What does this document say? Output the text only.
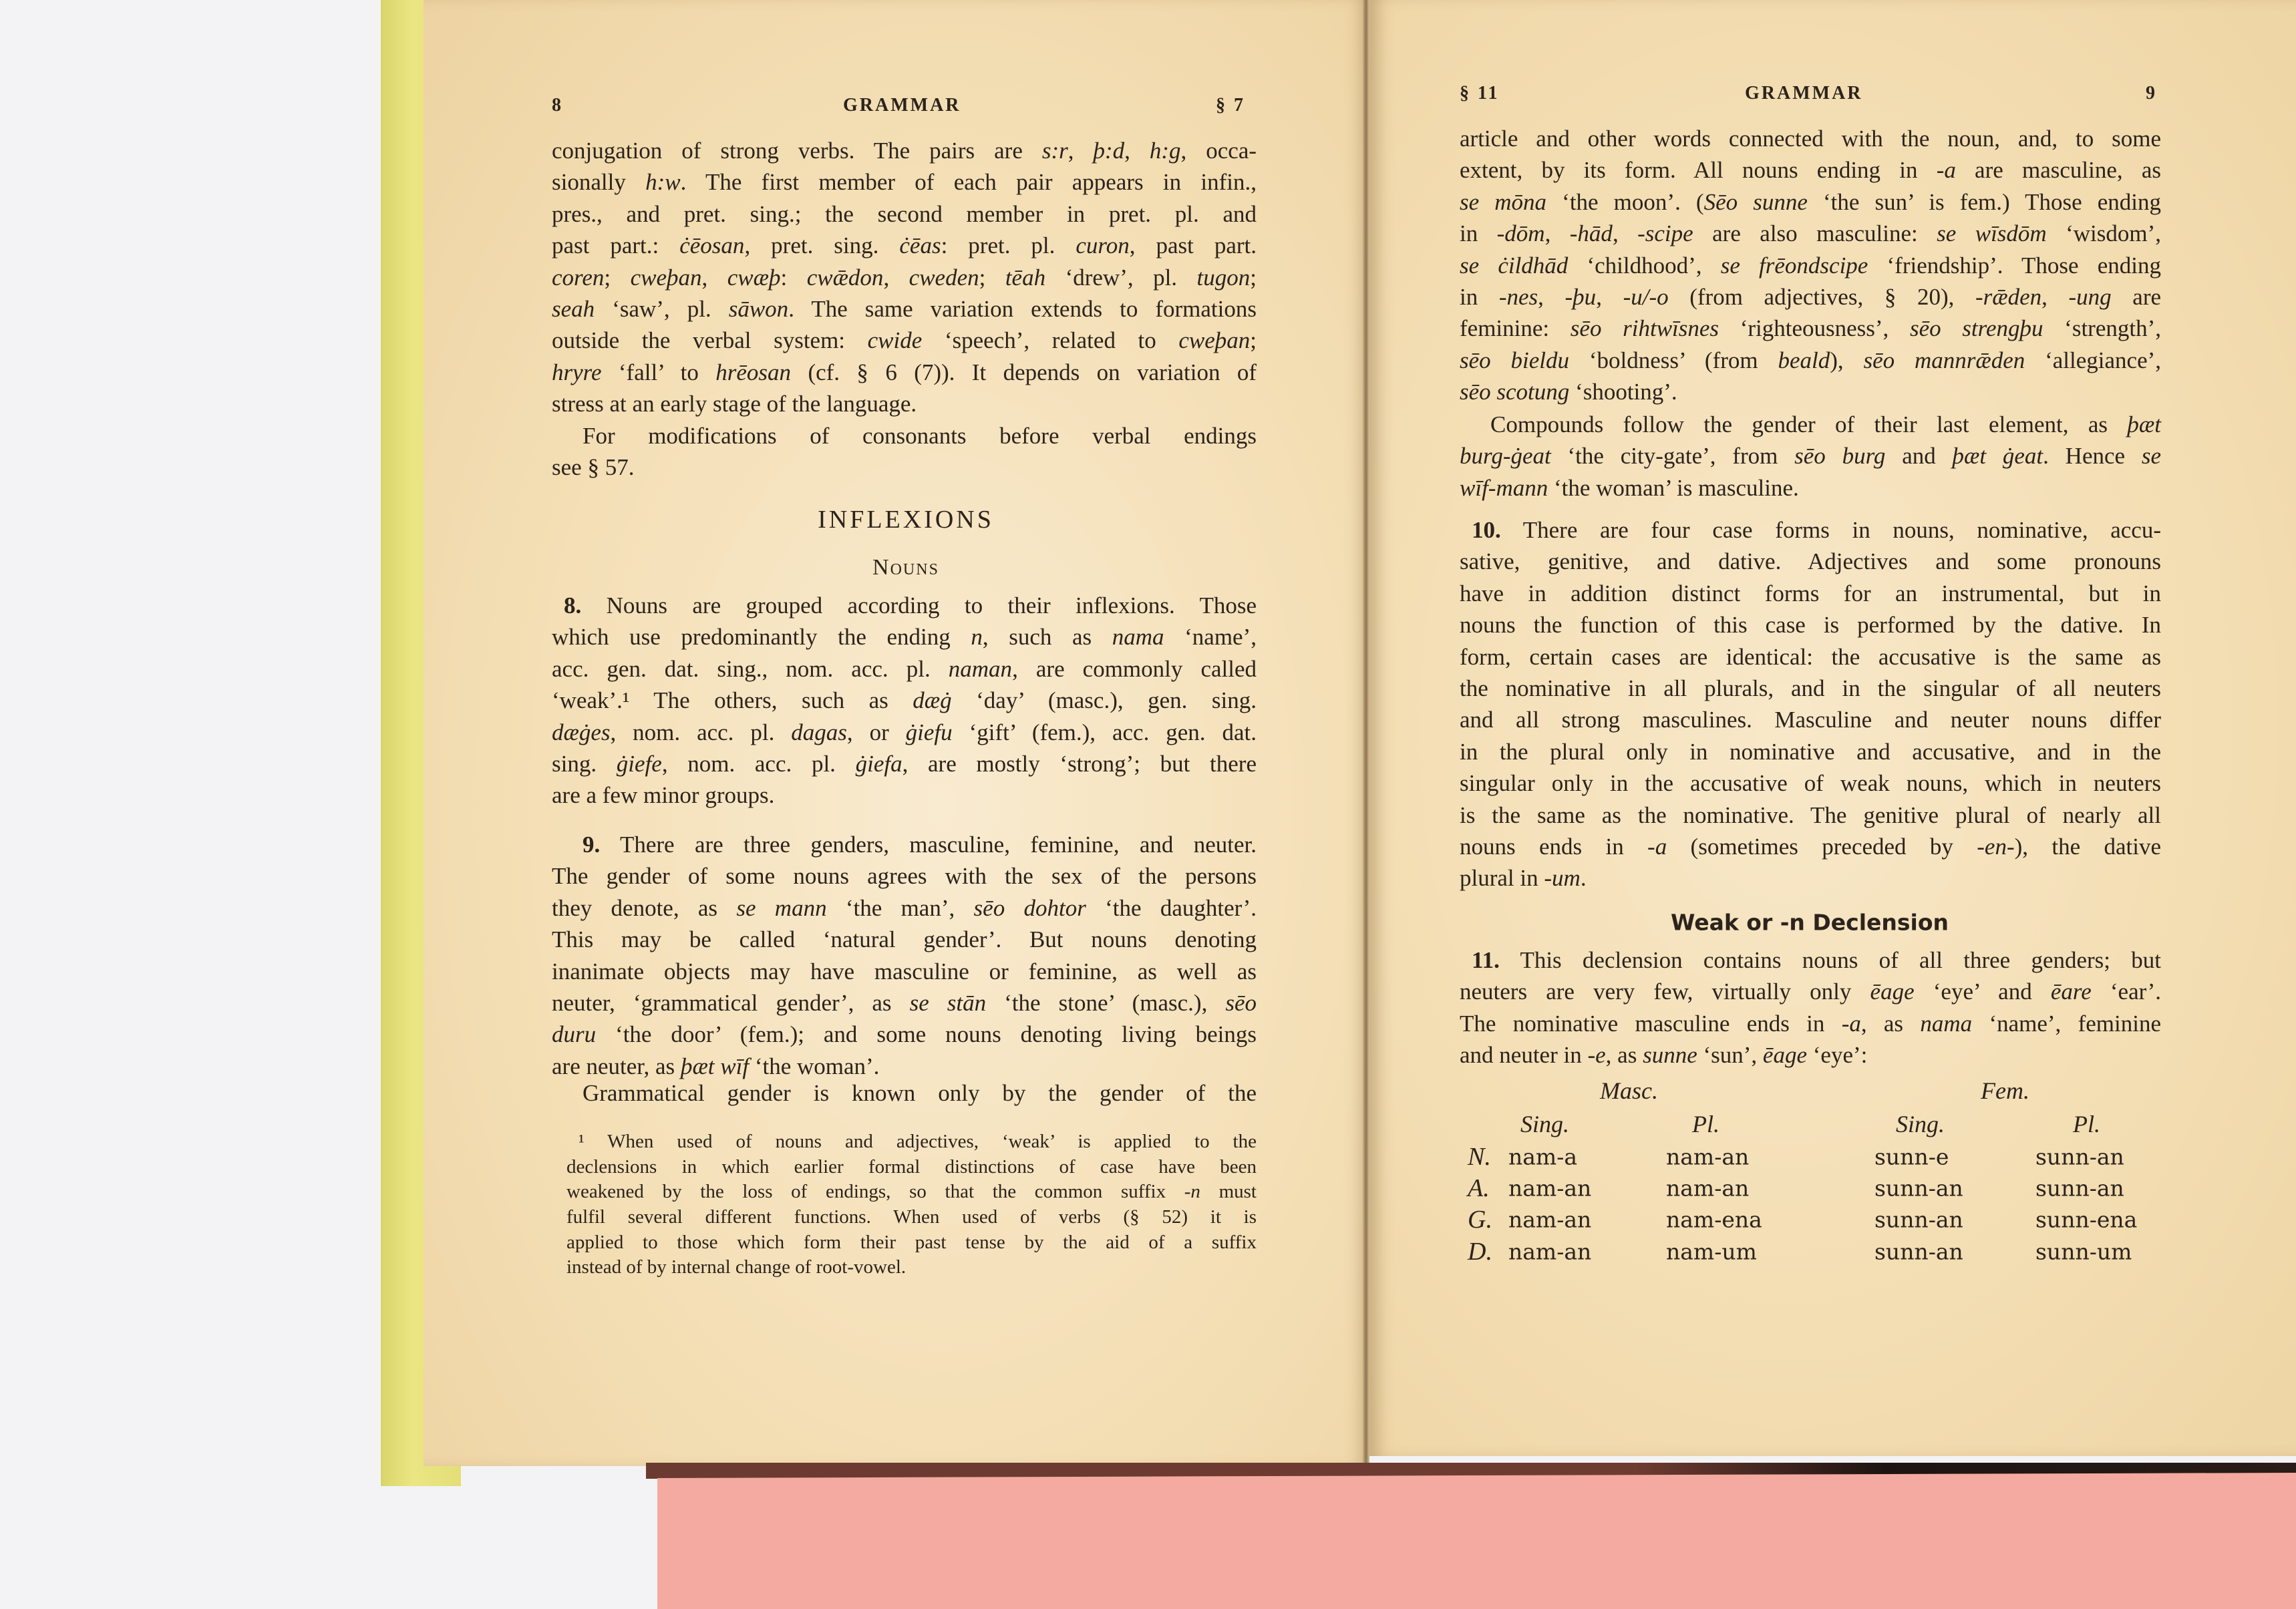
8	GRAMMAR	§ 7
conjugation of strong verbs. The pairs are s:r, þ:d, h:g, occa-
sionally h:w. The first member of each pair appears in infin.,
pres., and pret. sing.; the second member in pret. pl. and
past part.: ċēosan, pret. sing. ċēas: pret. pl. curon, past part.
coren; cweþan, cwæþ: cwǣdon, cweden; tēah ‘drew’, pl. tugon;
seah ‘saw’, pl. sāwon. The same variation extends to formations
outside the verbal system: cwide ‘speech’, related to cweþan;
hryre ‘fall’ to hrēosan (cf. § 6 (7)). It depends on variation of
stress at an early stage of the language.
For modifications of consonants before verbal endings
see § 57.
INFLEXIONS
Nouns
8. Nouns are grouped according to their inflexions. Those
which use predominantly the ending n, such as nama ‘name’,
acc. gen. dat. sing., nom. acc. pl. naman, are commonly called
‘weak’.¹ The others, such as dæġ ‘day’ (masc.), gen. sing.
dæġes, nom. acc. pl. dagas, or ġiefu ‘gift’ (fem.), acc. gen. dat.
sing. ġiefe, nom. acc. pl. ġiefa, are mostly ‘strong’; but there
are a few minor groups.
9. There are three genders, masculine, feminine, and neuter.
The gender of some nouns agrees with the sex of the persons
they denote, as se mann ‘the man’, sēo dohtor ‘the daughter’.
This may be called ‘natural gender’. But nouns denoting
inanimate objects may have masculine or feminine, as well as
neuter, ‘grammatical gender’, as se stān ‘the stone’ (masc.), sēo
duru ‘the door’ (fem.); and some nouns denoting living beings
are neuter, as þæt wīf ‘the woman’.
Grammatical gender is known only by the gender of the
¹ When used of nouns and adjectives, ‘weak’ is applied to the
declensions in which earlier formal distinctions of case have been
weakened by the loss of endings, so that the common suffix -n must
fulfil several different functions. When used of verbs (§ 52) it is
applied to those which form their past tense by the aid of a suffix
instead of by internal change of root-vowel.
§ 11	GRAMMAR	9
article and other words connected with the noun, and, to some
extent, by its form. All nouns ending in -a are masculine, as
se mōna ‘the moon’. (Sēo sunne ‘the sun’ is fem.) Those ending
in -dōm, -hād, -scipe are also masculine: se wīsdōm ‘wisdom’,
se ċildhād ‘childhood’, se frēondscipe ‘friendship’. Those ending
in -nes, -þu, -u/-o (from adjectives, § 20), -rǣden, -ung are
feminine: sēo rihtwīsnes ‘righteousness’, sēo strengþu ‘strength’,
sēo bieldu ‘boldness’ (from beald), sēo mannrǣden ‘allegiance’,
sēo scotung ‘shooting’.
Compounds follow the gender of their last element, as þæt
burg-ġeat ‘the city-gate’, from sēo burg and þæt ġeat. Hence se
wīf-mann ‘the woman’ is masculine.
10. There are four case forms in nouns, nominative, accu-
sative, genitive, and dative. Adjectives and some pronouns
have in addition distinct forms for an instrumental, but in
nouns the function of this case is performed by the dative. In
form, certain cases are identical: the accusative is the same as
the nominative in all plurals, and in the singular of all neuters
and all strong masculines. Masculine and neuter nouns differ
in the plural only in nominative and accusative, and in the
singular only in the accusative of weak nouns, which in neuters
is the same as the nominative. The genitive plural of nearly all
nouns ends in -a (sometimes preceded by -en-), the dative
plural in -um.
Weak or -n Declension
11. This declension contains nouns of all three genders; but
neuters are very few, virtually only ēage ‘eye’ and ēare ‘ear’.
The nominative masculine ends in -a, as nama ‘name’, feminine
and neuter in -e, as sunne ‘sun’, ēage ‘eye’:
Masc.	Fem.
Sing.	Pl.	Sing.	Pl.
N. nam-a	nam-an	sunn-e	sunn-an
A. nam-an	nam-an	sunn-an	sunn-an
G. nam-an	nam-ena	sunn-an	sunn-ena
D. nam-an	nam-um	sunn-an	sunn-um
